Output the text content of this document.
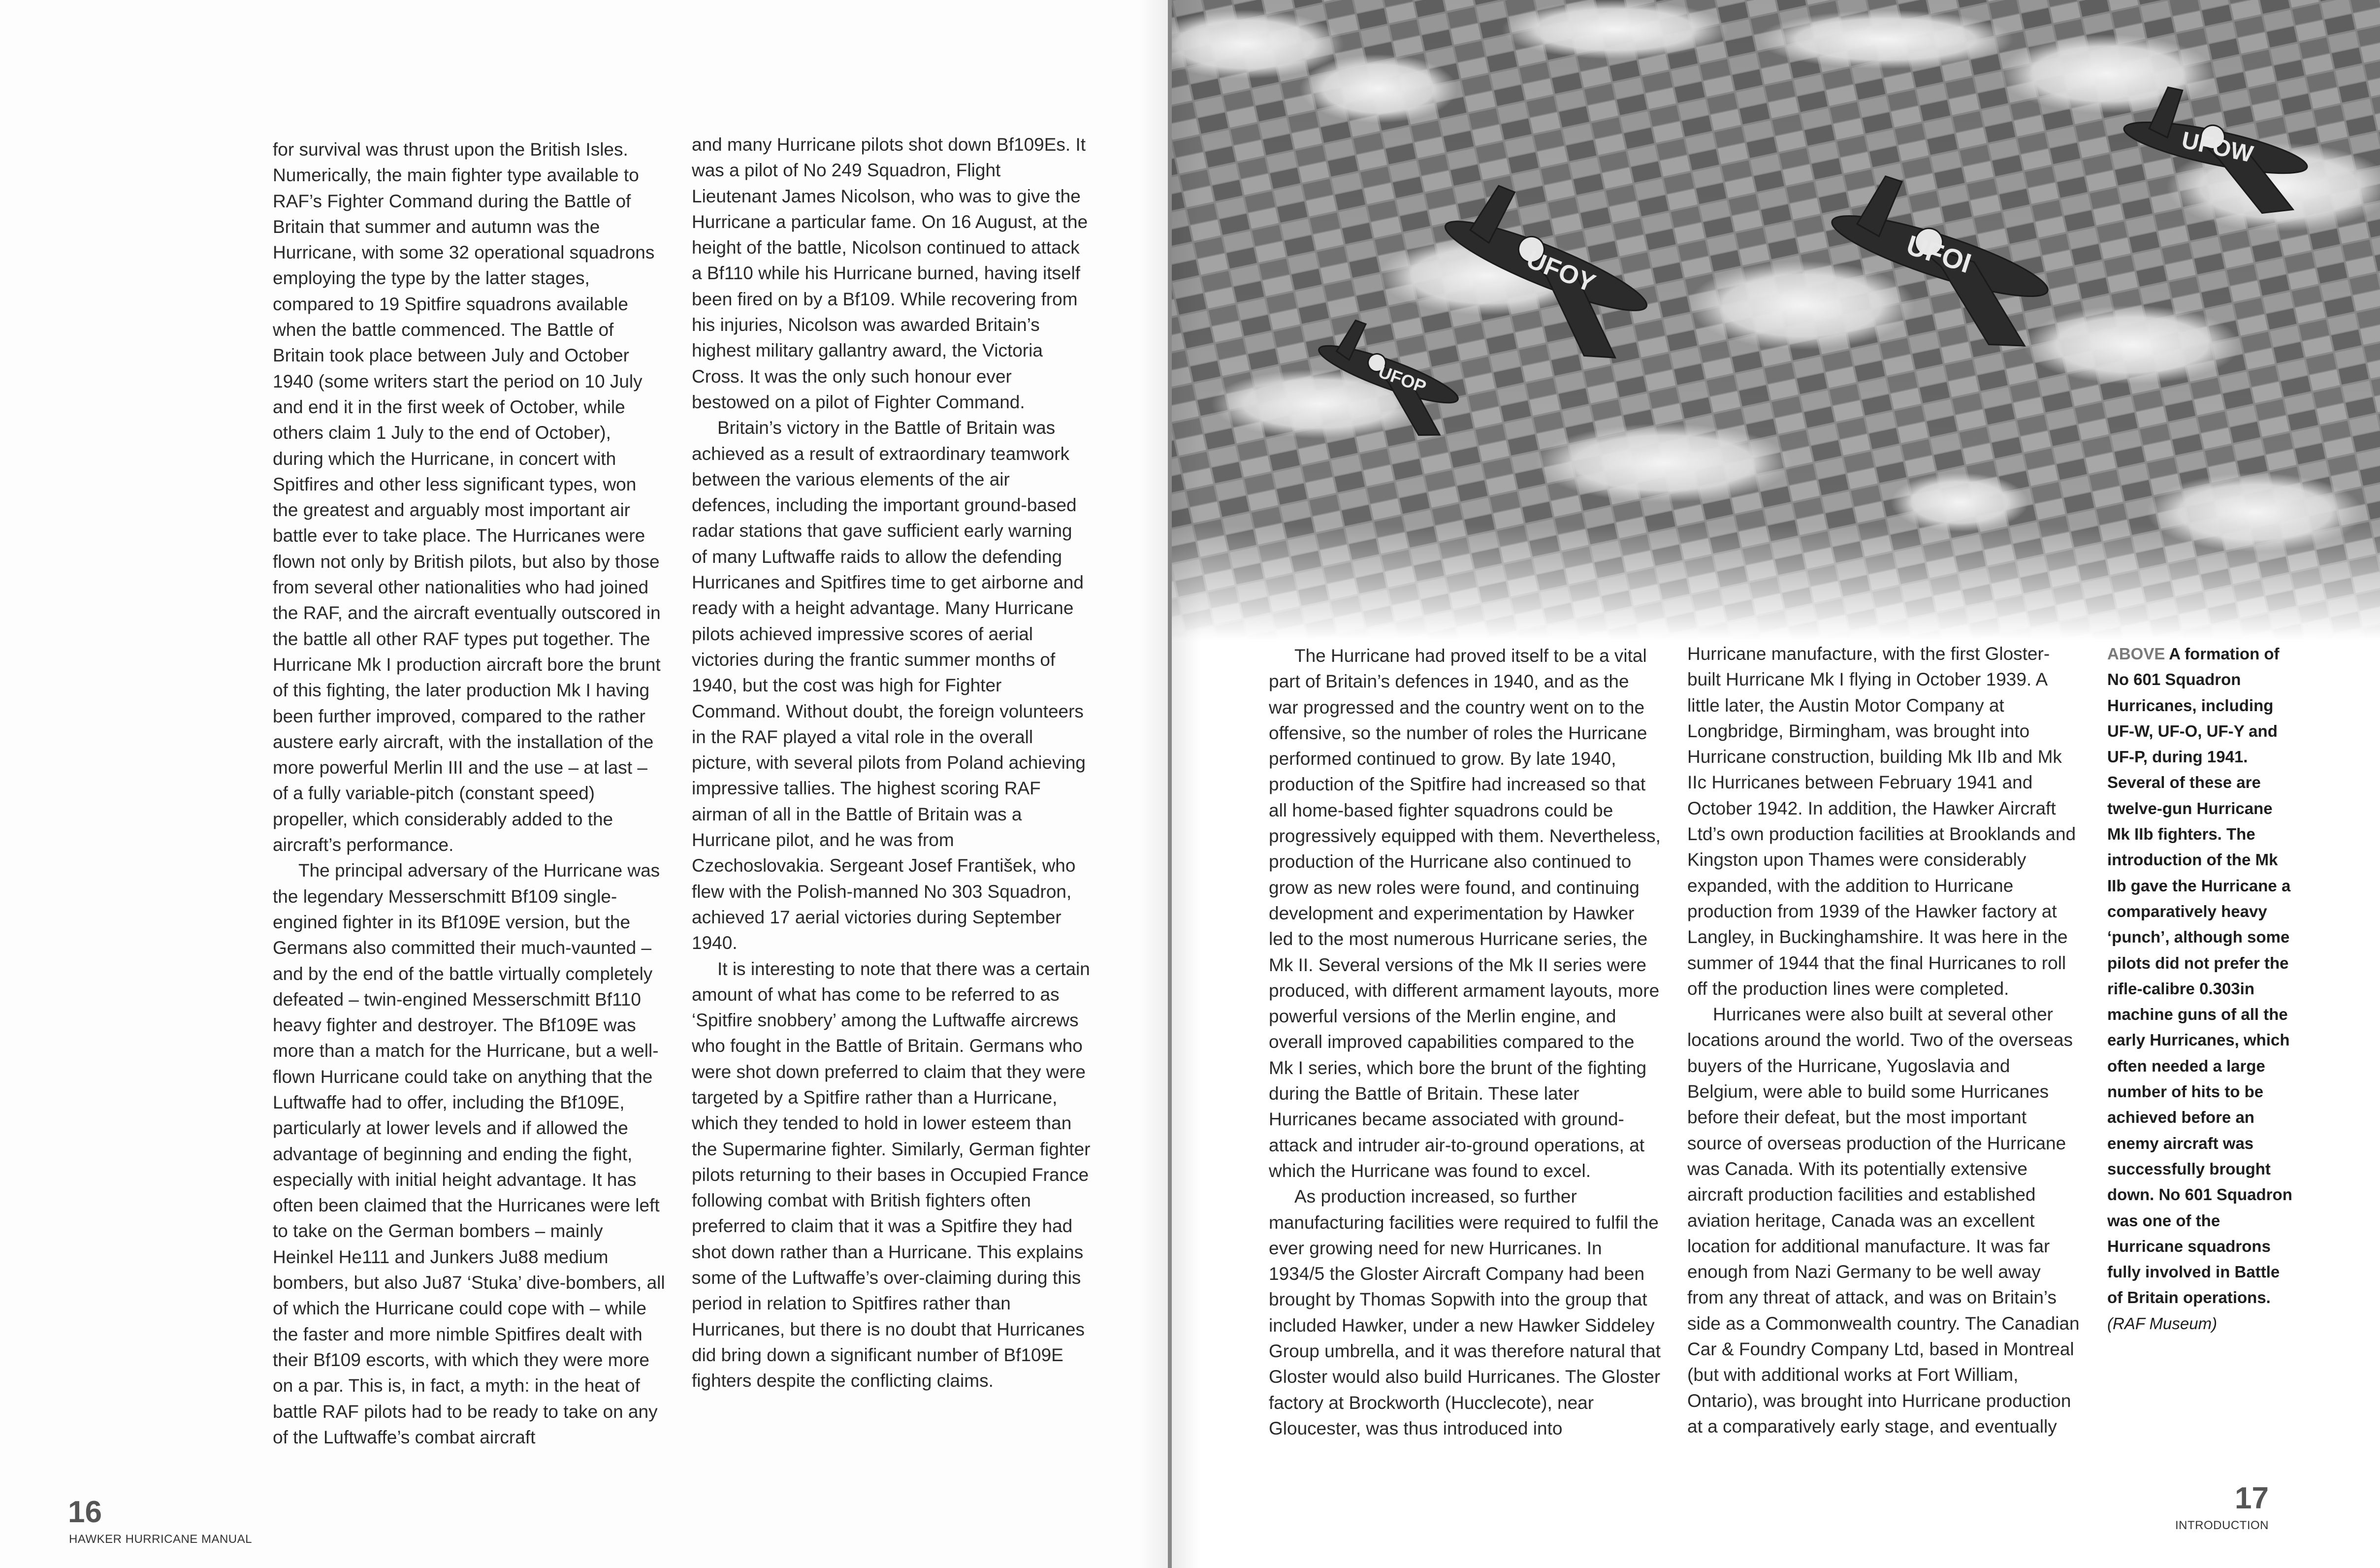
for survival was thrust upon the British Isles. Numerically, the main fighter type available to RAF’s Fighter Command during the Battle of Britain that summer and autumn was the Hurricane, with some 32 operational squadrons employing the type by the latter stages, compared to 19 Spitfire squadrons available when the battle commenced. The Battle of Britain took place between July and October 1940 (some writers start the period on 10 July and end it in the first week of October, while others claim 1 July to the end of October), during which the Hurricane, in concert with Spitfires and other less significant types, won the greatest and arguably most important air battle ever to take place. The Hurricanes were flown not only by British pilots, but also by those from several other nationalities who had joined the RAF, and the aircraft eventually outscored in the battle all other RAF types put together. The Hurricane Mk I production aircraft bore the brunt of this fighting, the later production Mk I having been further improved, compared to the rather austere early aircraft, with the installation of the more powerful Merlin III and the use – at last – of a fully variable-pitch (constant speed) propeller, which considerably added to the aircraft’s performance.

The principal adversary of the Hurricane was the legendary Messerschmitt Bf109 single-engined fighter in its Bf109E version, but the Germans also committed their much-vaunted – and by the end of the battle virtually completely defeated – twin-engined Messerschmitt Bf110 heavy fighter and destroyer. The Bf109E was more than a match for the Hurricane, but a well-flown Hurricane could take on anything that the Luftwaffe had to offer, including the Bf109E, particularly at lower levels and if allowed the advantage of beginning and ending the fight, especially with initial height advantage. It has often been claimed that the Hurricanes were left to take on the German bombers – mainly Heinkel He111 and Junkers Ju88 medium bombers, but also Ju87 ‘Stuka’ dive-bombers, all of which the Hurricane could cope with – while the faster and more nimble Spitfires dealt with their Bf109 escorts, with which they were more on a par. This is, in fact, a myth: in the heat of battle RAF pilots had to be ready to take on any of the Luftwaffe’s combat aircraft

and many Hurricane pilots shot down Bf109Es. It was a pilot of No 249 Squadron, Flight Lieutenant James Nicolson, who was to give the Hurricane a particular fame. On 16 August, at the height of the battle, Nicolson continued to attack a Bf110 while his Hurricane burned, having itself been fired on by a Bf109. While recovering from his injuries, Nicolson was awarded Britain’s highest military gallantry award, the Victoria Cross. It was the only such honour ever bestowed on a pilot of Fighter Command.

Britain’s victory in the Battle of Britain was achieved as a result of extraordinary teamwork between the various elements of the air defences, including the important ground-based radar stations that gave sufficient early warning of many Luftwaffe raids to allow the defending Hurricanes and Spitfires time to get airborne and ready with a height advantage. Many Hurricane pilots achieved impressive scores of aerial victories during the frantic summer months of 1940, but the cost was high for Fighter Command. Without doubt, the foreign volunteers in the RAF played a vital role in the overall picture, with several pilots from Poland achieving impressive tallies. The highest scoring RAF airman of all in the Battle of Britain was a Hurricane pilot, and he was from Czechoslovakia. Sergeant Josef František, who flew with the Polish-manned No 303 Squadron, achieved 17 aerial victories during September 1940.

It is interesting to note that there was a certain amount of what has come to be referred to as ‘Spitfire snobbery’ among the Luftwaffe aircrews who fought in the Battle of Britain. Germans who were shot down preferred to claim that they were targeted by a Spitfire rather than a Hurricane, which they tended to hold in lower esteem than the Supermarine fighter. Similarly, German fighter pilots returning to their bases in Occupied France following combat with British fighters often preferred to claim that it was a Spitfire they had shot down rather than a Hurricane. This explains some of the Luftwaffe’s over-claiming during this period in relation to Spitfires rather than Hurricanes, but there is no doubt that Hurricanes did bring down a significant number of Bf109E fighters despite the conflicting claims.

16
HAWKER HURRICANE MANUAL

The Hurricane had proved itself to be a vital part of Britain’s defences in 1940, and as the war progressed and the country went on to the offensive, so the number of roles the Hurricane performed continued to grow. By late 1940, production of the Spitfire had increased so that all home-based fighter squadrons could be progressively equipped with them. Nevertheless, production of the Hurricane also continued to grow as new roles were found, and continuing development and experimentation by Hawker led to the most numerous Hurricane series, the Mk II. Several versions of the Mk II series were produced, with different armament layouts, more powerful versions of the Merlin engine, and overall improved capabilities compared to the Mk I series, which bore the brunt of the fighting during the Battle of Britain. These later Hurricanes became associated with ground-attack and intruder air-to-ground operations, at which the Hurricane was found to excel.

As production increased, so further manufacturing facilities were required to fulfil the ever growing need for new Hurricanes. In 1934/5 the Gloster Aircraft Company had been brought by Thomas Sopwith into the group that included Hawker, under a new Hawker Siddeley Group umbrella, and it was therefore natural that Gloster would also build Hurricanes. The Gloster factory at Brockworth (Hucclecote), near Gloucester, was thus introduced into

Hurricane manufacture, with the first Gloster-built Hurricane Mk I flying in October 1939. A little later, the Austin Motor Company at Longbridge, Birmingham, was brought into Hurricane construction, building Mk IIb and Mk IIc Hurricanes between February 1941 and October 1942. In addition, the Hawker Aircraft Ltd’s own production facilities at Brooklands and Kingston upon Thames were considerably expanded, with the addition to Hurricane production from 1939 of the Hawker factory at Langley, in Buckinghamshire. It was here in the summer of 1944 that the final Hurricanes to roll off the production lines were completed.

Hurricanes were also built at several other locations around the world. Two of the overseas buyers of the Hurricane, Yugoslavia and Belgium, were able to build some Hurricanes before their defeat, but the most important source of overseas production of the Hurricane was Canada. With its potentially extensive aircraft production facilities and established aviation heritage, Canada was an excellent location for additional manufacture. It was far enough from Nazi Germany to be well away from any threat of attack, and was on Britain’s side as a Commonwealth country. The Canadian Car & Foundry Company Ltd, based in Montreal (but with additional works at Fort William, Ontario), was brought into Hurricane production at a comparatively early stage, and eventually

ABOVE A formation of No 601 Squadron Hurricanes, including UF-W, UF-O, UF-Y and UF-P, during 1941. Several of these are twelve-gun Hurricane Mk IIb fighters. The introduction of the Mk IIb gave the Hurricane a comparatively heavy ‘punch’, although some pilots did not prefer the rifle-calibre 0.303in machine guns of all the early Hurricanes, which often needed a large number of hits to be achieved before an enemy aircraft was successfully brought down. No 601 Squadron was one of the Hurricane squadrons fully involved in Battle of Britain operations.
(RAF Museum)

17
INTRODUCTION
